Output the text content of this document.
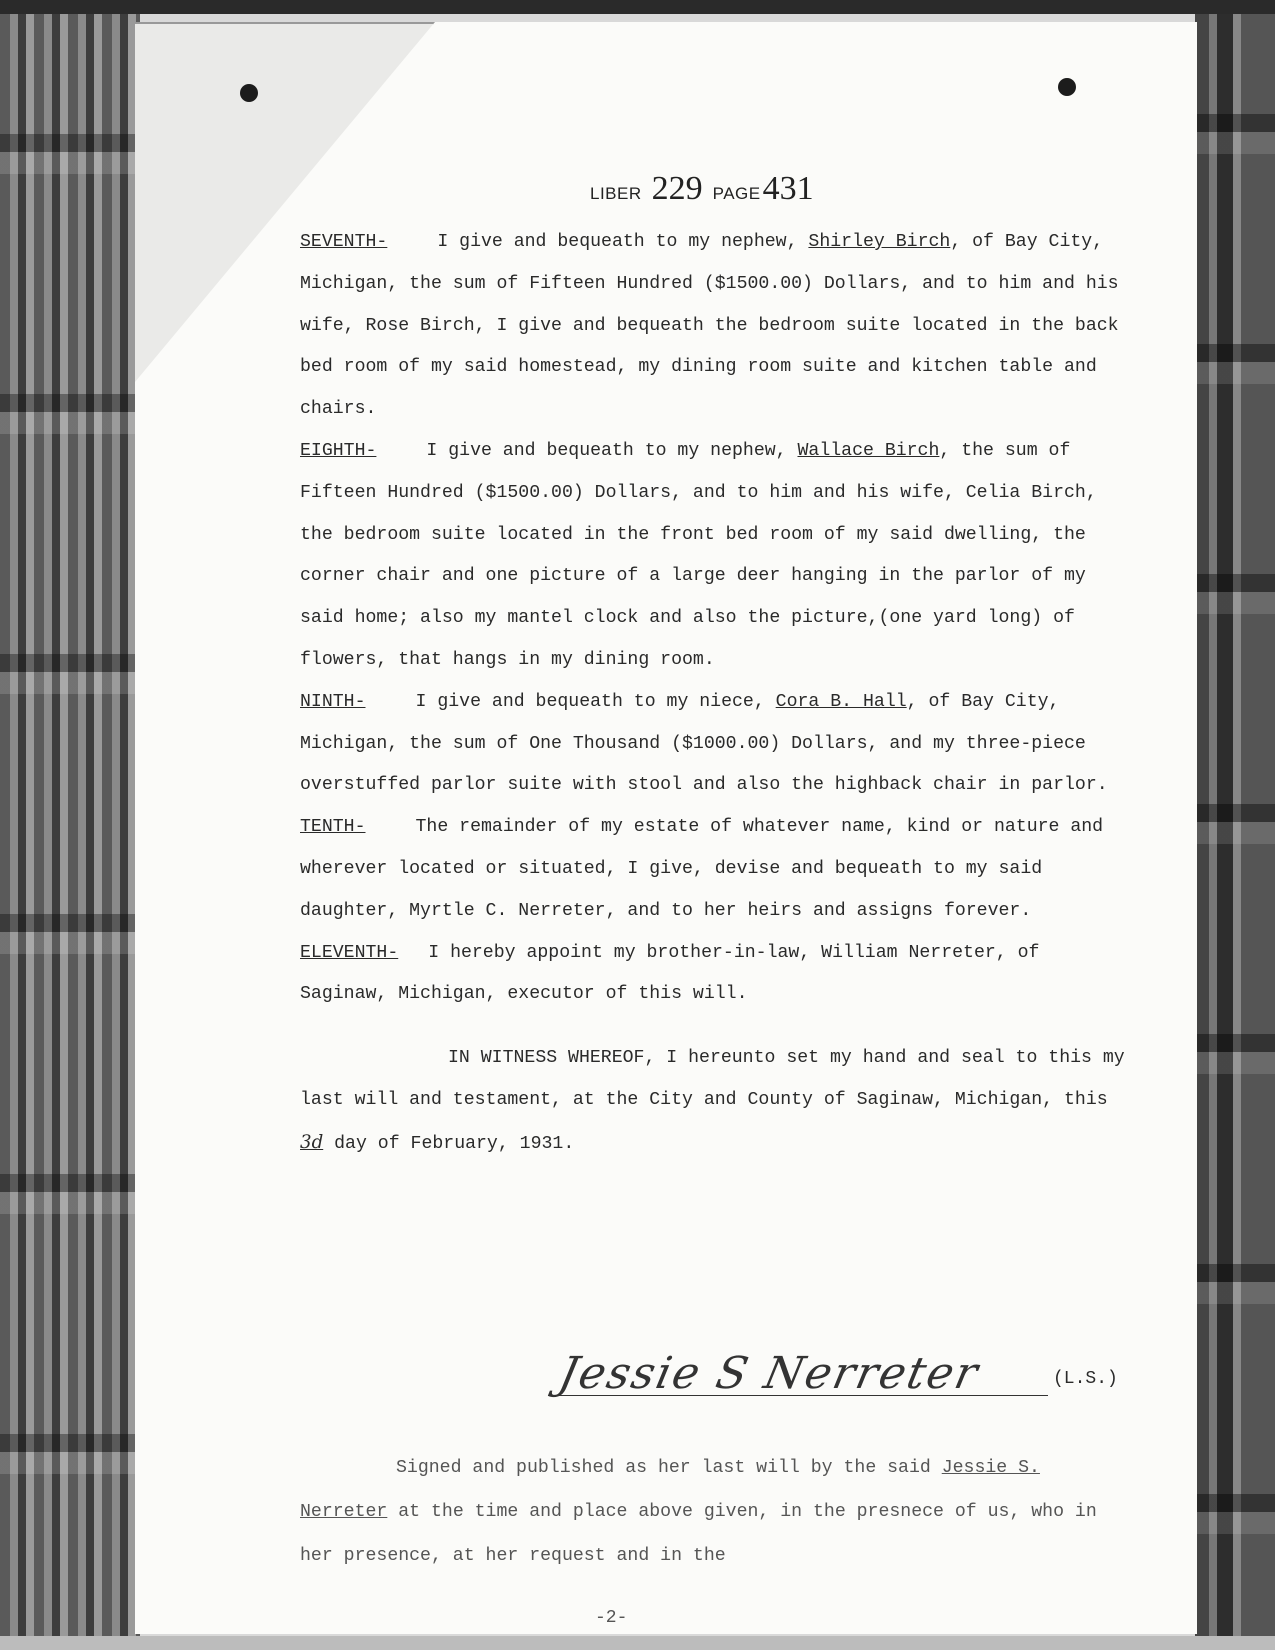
LIBER 229 PAGE431

SEVENTH-	I give and bequeath to my nephew, Shirley Birch, of Bay City, Michigan, the sum of Fifteen Hundred ($1500.00) Dollars, and to him and his wife, Rose Birch, I give and bequeath the bedroom suite located in the back bed room of my said homestead, my dining room suite and kitchen table and chairs.

EIGHTH-	I give and bequeath to my nephew, Wallace Birch, the sum of Fifteen Hundred ($1500.00) Dollars, and to him and his wife, Celia Birch, the bedroom suite located in the front bed room of my said dwelling, the corner chair and one picture of a large deer hanging in the parlor of my said home; also my mantel clock and also the picture,(one yard long) of flowers, that hangs in my dining room.

NINTH-	I give and bequeath to my niece, Cora B. Hall, of Bay City, Michigan, the sum of One Thousand ($1000.00) Dollars, and my three-piece overstuffed parlor suite with stool and also the highback chair in parlor.

TENTH-	The remainder of my estate of whatever name, kind or nature and wherever located or situated, I give, devise and bequeath to my said daughter, Myrtle C. Nerreter, and to her heirs and assigns forever.

ELEVENTH- I hereby appoint my brother-in-law, William Nerreter, of Saginaw, Michigan, executor of this will.

IN WITNESS WHEREOF, I hereunto set my hand and seal to this my last will and testament, at the City and County of Saginaw, Michigan, this 3d day of February, 1931.

Jessie S Nerreter	(L.S.)
Signed and published as her last will by the said Jessie S. Nerreter at the time and place above given, in the presnece of us, who in her presence, at her request and in the
-2-
